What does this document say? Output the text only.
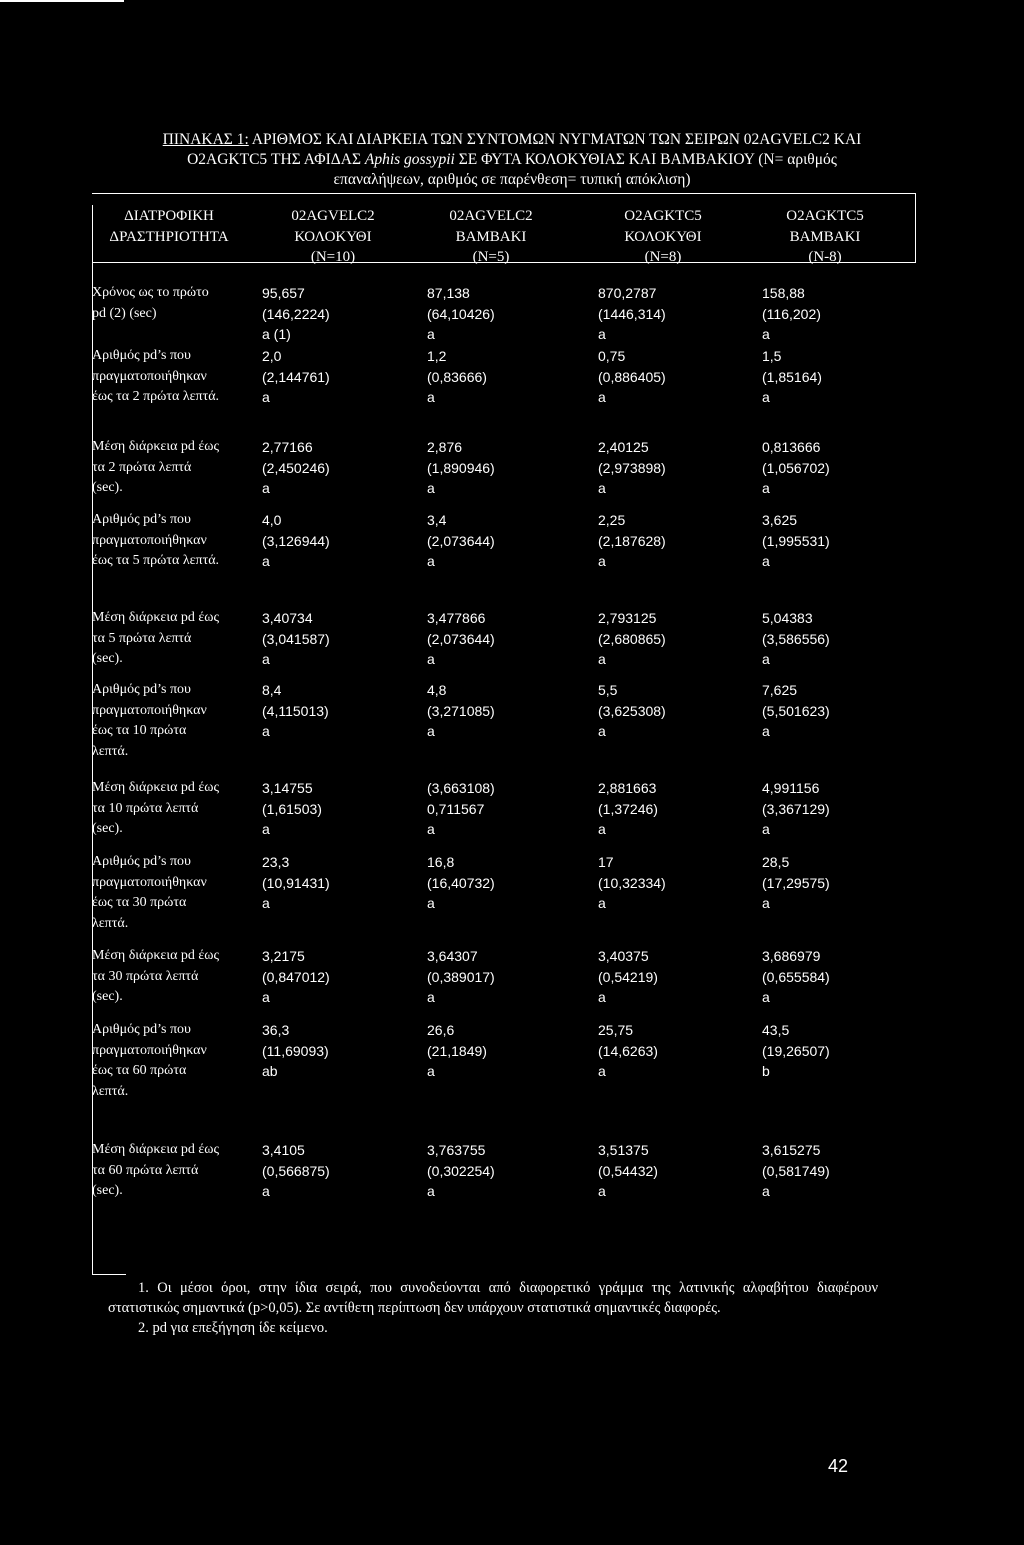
ΠΙΝΑΚΑΣ 1: ΑΡΙΘΜΟΣ ΚΑΙ ΔΙΑΡΚΕΙΑ ΤΩΝ ΣΥΝΤΟΜΩΝ ΝΥΓΜΑΤΩΝ ΤΩΝ ΣΕΙΡΩΝ 02AGVELC2 ΚΑΙ
O2AGKTC5 ΤΗΣ ΑΦΙΔΑΣ Aphis gossypii ΣΕ ΦΥΤΑ ΚΟΛΟΚΥΘΙΑΣ ΚΑΙ ΒΑΜΒΑΚΙΟΥ (N= αριθμός
επαναλήψεων, αριθμός σε παρένθεση= τυπική απόκλιση)
ΔΙΑΤΡΟΦΙΚΗ
ΔΡΑΣΤΗΡΙΟΤΗΤΑ
02AGVELC2
ΚΟΛΟΚΥΘΙ
(N=10)
02AGVELC2
ΒΑΜΒΑΚΙ
(N=5)
O2AGKTC5
ΚΟΛΟΚΥΘΙ
(N=8)
O2AGKTC5
ΒΑΜΒΑΚΙ
(N-8)
Χρόνος ως το πρώτο
pd (2) (sec)
95,657
(146,2224)
a (1)
87,138
(64,10426)
a
870,2787
(1446,314)
a
158,88
(116,202)
a
Αριθμός pd’s που
πραγματοποιήθηκαν
έως τα 2 πρώτα λεπτά.
2,0
(2,144761)
a
1,2
(0,83666)
a
0,75
(0,886405)
a
1,5
(1,85164)
a
Μέση διάρκεια pd έως
τα 2 πρώτα λεπτά
(sec).
2,77166
(2,450246)
a
2,876
(1,890946)
a
2,40125
(2,973898)
a
0,813666
(1,056702)
a
Αριθμός pd’s που
πραγματοποιήθηκαν
έως τα 5 πρώτα λεπτά.
4,0
(3,126944)
a
3,4
(2,073644)
a
2,25
(2,187628)
a
3,625
(1,995531)
a
Μέση διάρκεια pd έως
τα 5 πρώτα λεπτά
(sec).
3,40734
(3,041587)
a
3,477866
(2,073644)
a
2,793125
(2,680865)
a
5,04383
(3,586556)
a
Αριθμός pd’s που
πραγματοποιήθηκαν
έως τα 10 πρώτα
λεπτά.
8,4
(4,115013)
a
4,8
(3,271085)
a
5,5
(3,625308)
a
7,625
(5,501623)
a
Μέση διάρκεια pd έως
τα 10 πρώτα λεπτά
(sec).
3,14755
(1,61503)
a
(3,663108)
0,711567
a
2,881663
(1,37246)
a
4,991156
(3,367129)
a
Αριθμός pd’s που
πραγματοποιήθηκαν
έως τα 30 πρώτα
λεπτά.
23,3
(10,91431)
a
16,8
(16,40732)
a
17
(10,32334)
a
28,5
(17,29575)
a
Μέση διάρκεια pd έως
τα 30 πρώτα λεπτά
(sec).
3,2175
(0,847012)
a
3,64307
(0,389017)
a
3,40375
(0,54219)
a
3,686979
(0,655584)
a
Αριθμός pd’s που
πραγματοποιήθηκαν
έως τα 60 πρώτα
λεπτά.
36,3
(11,69093)
ab
26,6
(21,1849)
a
25,75
(14,6263)
a
43,5
(19,26507)
b
Μέση διάρκεια pd έως
τα 60 πρώτα λεπτά
(sec).
3,4105
(0,566875)
a
3,763755
(0,302254)
a
3,51375
(0,54432)
a
3,615275
(0,581749)
a

1. Οι μέσοι όροι, στην ίδια σειρά, που συνοδεύονται από διαφορετικό γράμμα της λατινικής αλφαβήτου διαφέρουν στατιστικώς σημαντικά (p>0,05). Σε αντίθετη περίπτωση δεν υπάρχουν στατιστικά σημαντικές διαφορές.

2. pd για επεξήγηση ίδε κείμενο.

42
